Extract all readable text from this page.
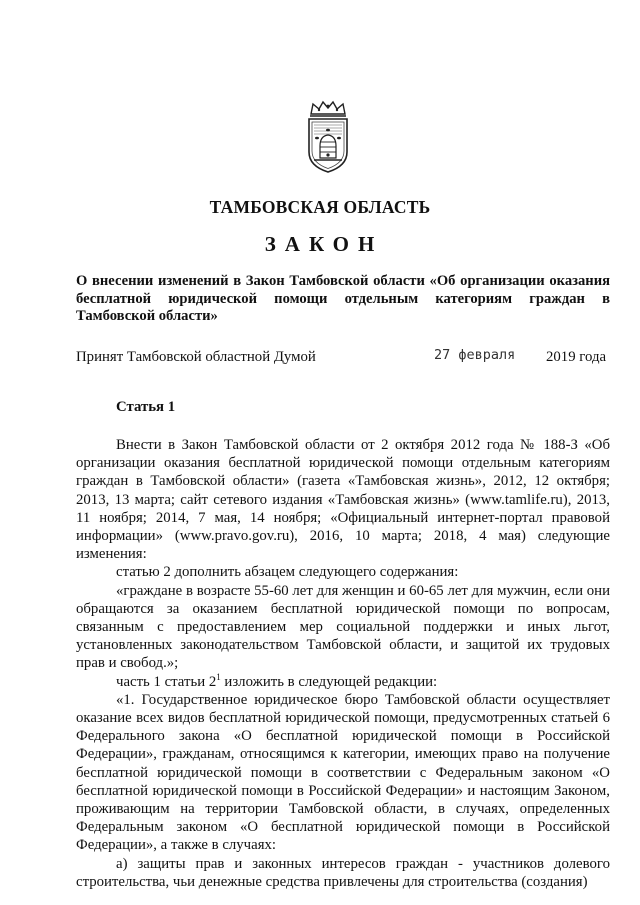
ТАМБОВСКАЯ ОБЛАСТЬ
ЗАКОН
О внесении изменений в Закон Тамбовской области «Об организации оказания бесплатной юридической помощи отдельным категориям граждан в Тамбовской области»
Принят Тамбовской областной Думой	27 февраля 2019 года
Статья 1

Внести в Закон Тамбовской области от 2 октября 2012 года № 188-З «Об организации оказания бесплатной юридической помощи отдельным категориям граждан в Тамбовской области» (газета «Тамбовская жизнь», 2012, 12 октября; 2013, 13 марта; сайт сетевого издания «Тамбовская жизнь» (www.tamlife.ru), 2013, 11 ноября; 2014, 7 мая, 14 ноября; «Официальный интернет-портал правовой информации» (www.pravo.gov.ru), 2016, 10 марта; 2018, 4 мая) следующие изменения:

статью 2 дополнить абзацем следующего содержания:

«граждане в возрасте 55-60 лет для женщин и 60-65 лет для мужчин, если они обращаются за оказанием бесплатной юридической помощи по вопросам, связанным с предоставлением мер социальной поддержки и иных льгот, установленных законодательством Тамбовской области, и защитой их трудовых прав и свобод.»;

часть 1 статьи $2^1$ изложить в следующей редакции:

«1. Государственное юридическое бюро Тамбовской области осуществляет оказание всех видов бесплатной юридической помощи, предусмотренных статьей 6 Федерального закона «О бесплатной юридической помощи в Российской Федерации», гражданам, относящимся к категории, имеющих право на получение бесплатной юридической помощи в соответствии с Федеральным законом «О бесплатной юридической помощи в Российской Федерации» и настоящим Законом, проживающим на территории Тамбовской области, в случаях, определенных Федеральным законом «О бесплатной юридической помощи в Российской Федерации», а также в случаях:

а) защиты прав и законных интересов граждан - участников долевого строительства, чьи денежные средства привлечены для строительства (создания)
